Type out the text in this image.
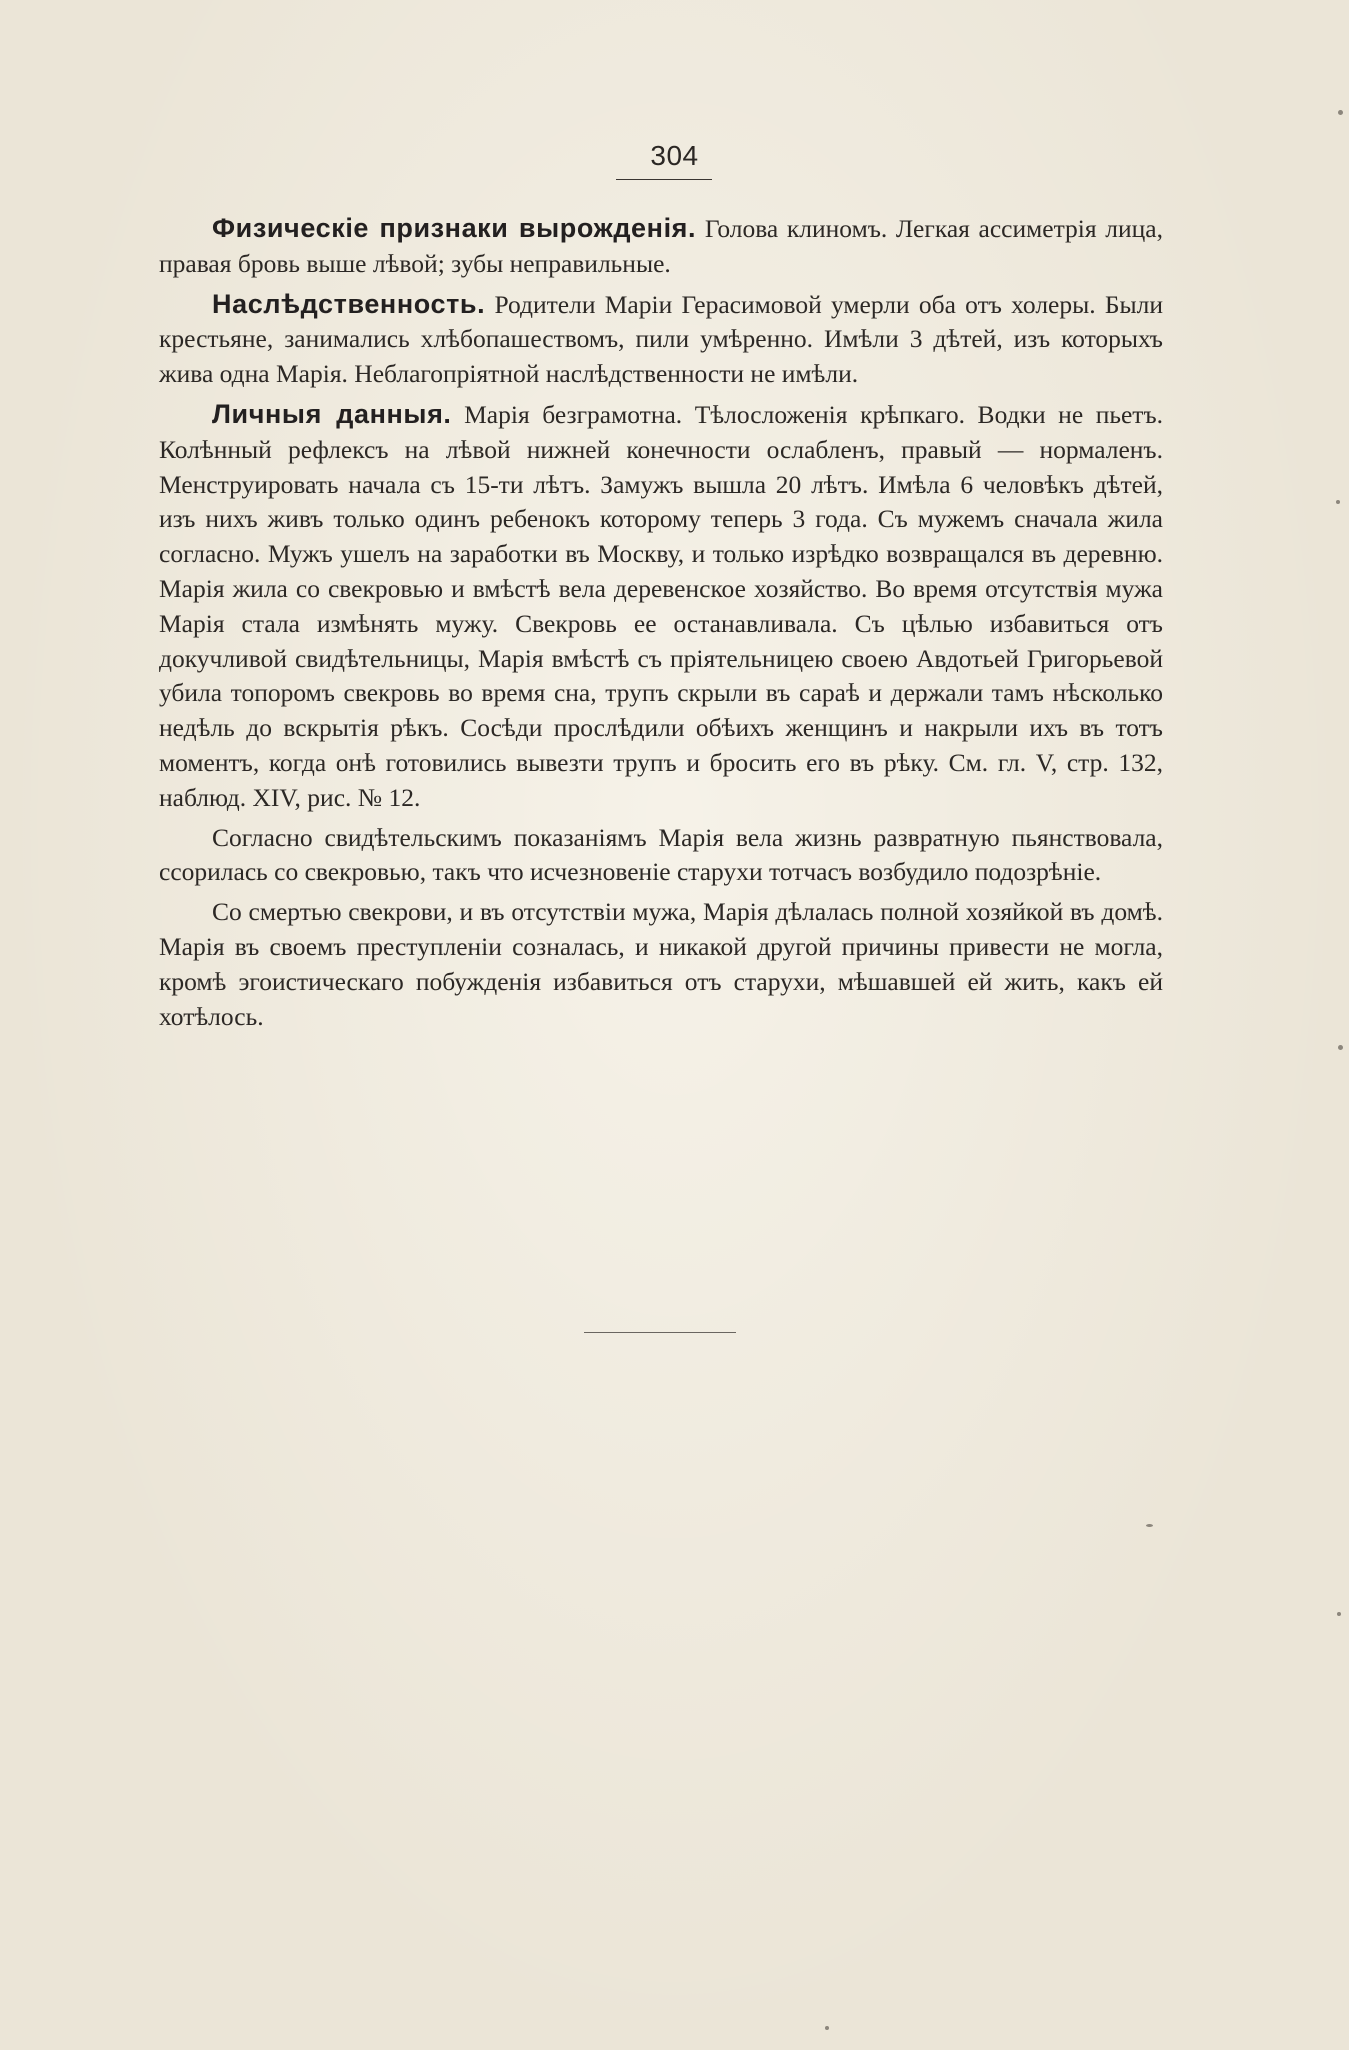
304

Физическіе признаки вырожденія. Голова клиномъ. Легкая ассиметрія лица, правая бровь выше лѣвой; зубы неправильные.

Наслѣдственность. Родители Маріи Герасимовой умерли оба отъ холеры. Были крестьяне, занимались хлѣбопашествомъ, пили умѣренно. Имѣли 3 дѣтей, изъ которыхъ жива одна Марія. Неблагопріятной наслѣдственности не имѣли.

Личныя данныя. Марія безграмотна. Тѣлосложенія крѣпкаго. Водки не пьетъ. Колѣнный рефлексъ на лѣвой нижней конечности ослабленъ, правый — нормаленъ. Менструировать начала съ 15-ти лѣтъ. Замужъ вышла 20 лѣтъ. Имѣла 6 человѣкъ дѣтей, изъ нихъ живъ только одинъ ребенокъ которому теперь 3 года. Съ мужемъ сначала жила согласно. Мужъ ушелъ на заработки въ Москву, и только изрѣдко возвращался въ деревню. Марія жила со свекровью и вмѣстѣ вела деревенское хозяйство. Во время отсутствія мужа Марія стала измѣнять мужу. Свекровь ее останавливала. Съ цѣлью избавиться отъ докучливой свидѣтельницы, Марія вмѣстѣ съ пріятельницею своею Авдотьей Григорьевой убила топоромъ свекровь во время сна, трупъ скрыли въ сараѣ и держали тамъ нѣсколько недѣль до вскрытія рѣкъ. Сосѣди прослѣдили обѣихъ женщинъ и накрыли ихъ въ тотъ моментъ, когда онѣ готовились вывезти трупъ и бросить его въ рѣку. См. гл. V, стр. 132, наблюд. XIV, рис. № 12.

Согласно свидѣтельскимъ показаніямъ Марія вела жизнь развратную пьянствовала, ссорилась со свекровью, такъ что исчезновеніе старухи тотчасъ возбудило подозрѣніе.

Со смертью свекрови, и въ отсутствіи мужа, Марія дѣлалась полной хозяйкой въ домѣ. Марія въ своемъ преступленіи созналась, и никакой другой причины привести не могла, кромѣ эгоистическаго побужденія избавиться отъ старухи, мѣшавшей ей жить, какъ ей хотѣлось.
